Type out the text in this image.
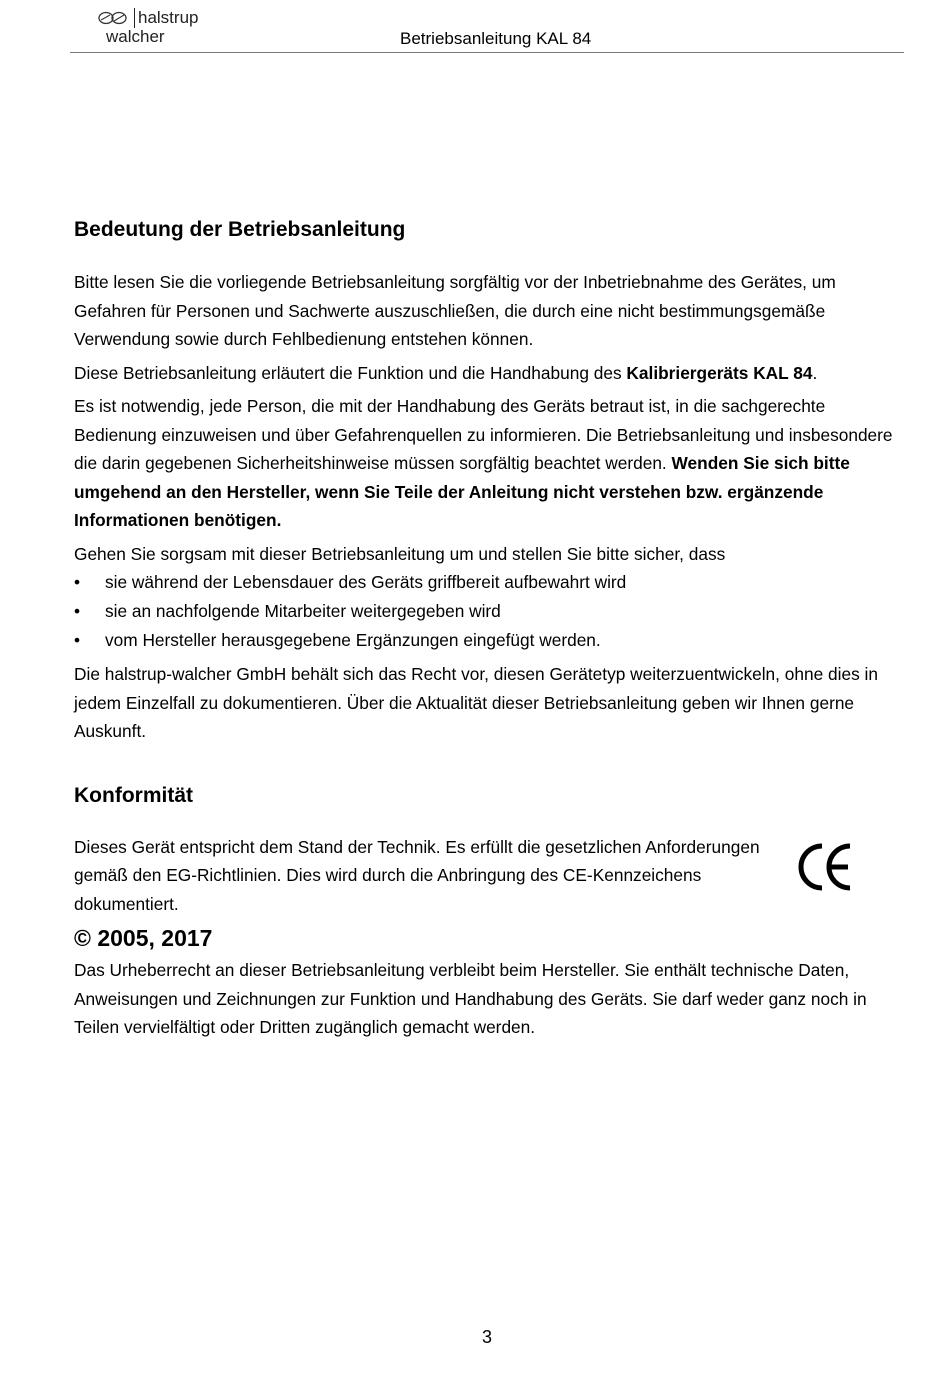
halstrup
walcher	Betriebsanleitung KAL 84
Bedeutung der Betriebsanleitung

Bitte lesen Sie die vorliegende Betriebsanleitung sorgfältig vor der Inbetriebnahme des Gerätes, um Gefahren für Personen und Sachwerte auszuschließen, die durch eine nicht bestimmungsgemäße Verwendung sowie durch Fehlbedienung entstehen können.

Diese Betriebsanleitung erläutert die Funktion und die Handhabung des Kalibriergeräts KAL 84.

Es ist notwendig, jede Person, die mit der Handhabung des Geräts betraut ist, in die sachgerechte Bedienung einzuweisen und über Gefahrenquellen zu informieren. Die Betriebsanleitung und insbesondere die darin gegebenen Sicherheitshinweise müssen sorgfältig beachtet werden. Wenden Sie sich bitte umgehend an den Hersteller, wenn Sie Teile der Anleitung nicht verstehen bzw. ergänzende Informationen benötigen.

Gehen Sie sorgsam mit dieser Betriebsanleitung um und stellen Sie bitte sicher, dass

• sie während der Lebensdauer des Geräts griffbereit aufbewahrt wird
• sie an nachfolgende Mitarbeiter weitergegeben wird
• vom Hersteller herausgegebene Ergänzungen eingefügt werden.

Die halstrup-walcher GmbH behält sich das Recht vor, diesen Gerätetyp weiterzuentwickeln, ohne dies in jedem Einzelfall zu dokumentieren. Über die Aktualität dieser Betriebsanleitung geben wir Ihnen gerne Auskunft.

Konformität

Dieses Gerät entspricht dem Stand der Technik. Es erfüllt die gesetzlichen Anforderungen

gemäß den EG-Richtlinien. Dies wird durch die Anbringung des CE-Kennzeichens

dokumentiert.

© 2005, 2017

Das Urheberrecht an dieser Betriebsanleitung verbleibt beim Hersteller. Sie enthält technische Daten, Anweisungen und Zeichnungen zur Funktion und Handhabung des Geräts. Sie darf weder ganz noch in Teilen vervielfältigt oder Dritten zugänglich gemacht werden.

3
